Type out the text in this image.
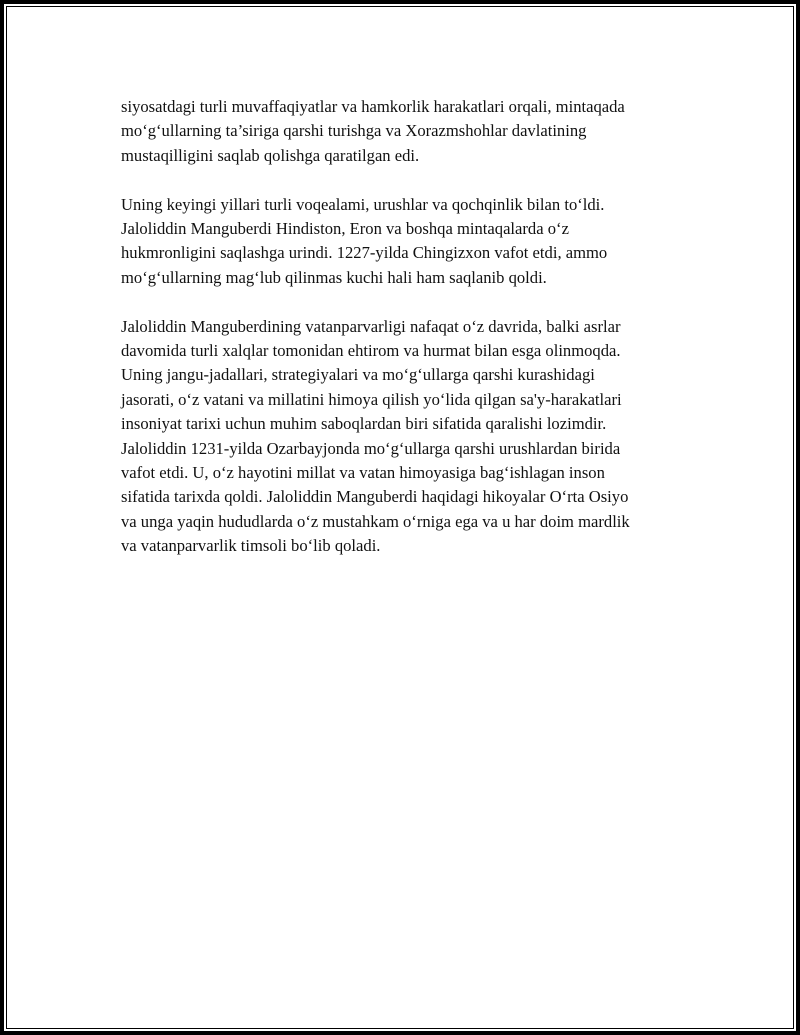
siyosatdagi turli muvaffaqiyatlar va hamkorlik harakatlari orqali, mintaqada
mo‘g‘ullarning ta’siriga qarshi turishga va Xorazmshohlar davlatining
mustaqilligini saqlab qolishga qaratilgan edi.

Uning keyingi yillari turli voqealami, urushlar va qochqinlik bilan to‘ldi.
Jaloliddin Manguberdi Hindiston, Eron va boshqa mintaqalarda o‘z
hukmronligini saqlashga urindi. 1227-yilda Chingizxon vafot etdi, ammo
mo‘g‘ullarning mag‘lub qilinmas kuchi hali ham saqlanib qoldi.

Jaloliddin Manguberdining vatanparvarligi nafaqat o‘z davrida, balki asrlar
davomida turli xalqlar tomonidan ehtirom va hurmat bilan esga olinmoqda.
Uning jangu-jadallari, strategiyalari va mo‘g‘ullarga qarshi kurashidagi
jasorati, o‘z vatani va millatini himoya qilish yo‘lida qilgan sa'y-harakatlari
insoniyat tarixi uchun muhim saboqlardan biri sifatida qaralishi lozimdir.
Jaloliddin 1231-yilda Ozarbayjonda mo‘g‘ullarga qarshi urushlardan birida
vafot etdi. U, o‘z hayotini millat va vatan himoyasiga bag‘ishlagan inson
sifatida tarixda qoldi. Jaloliddin Manguberdi haqidagi hikoyalar O‘rta Osiyo
va unga yaqin hududlarda o‘z mustahkam o‘rniga ega va u har doim mardlik
va vatanparvarlik timsoli bo‘lib qoladi.
